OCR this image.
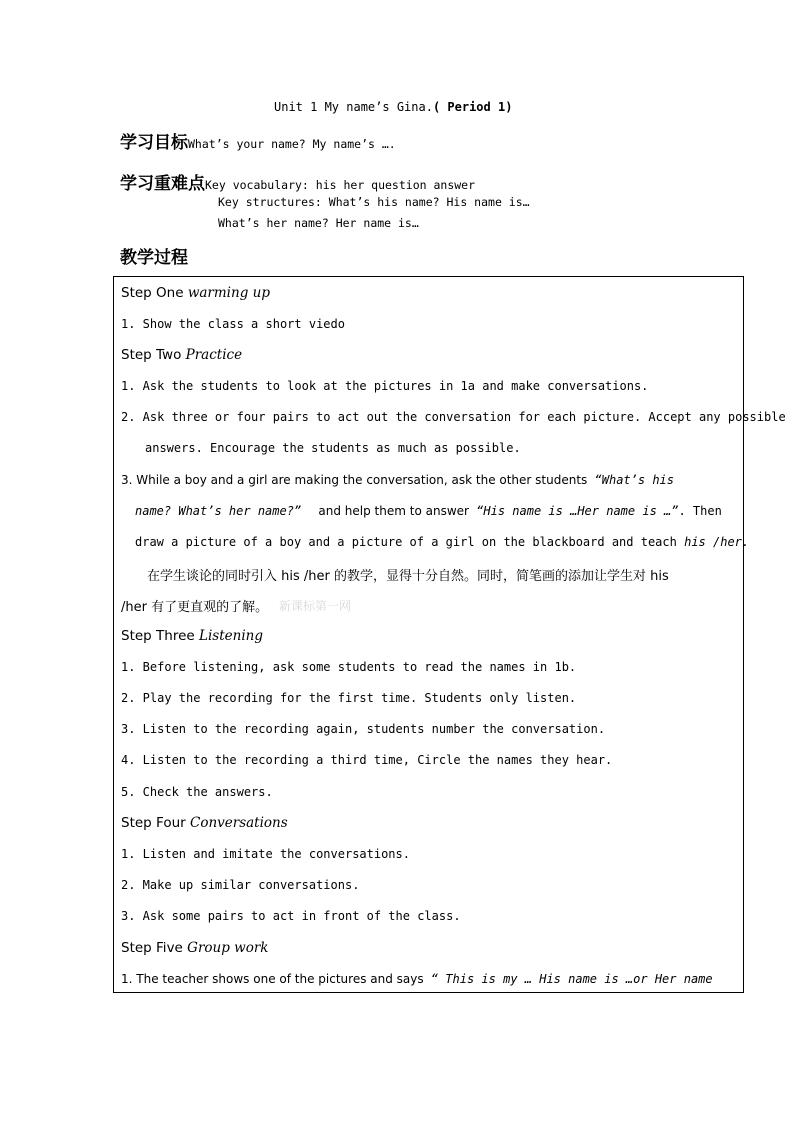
Unit 1 My name’s Gina.( Period 1)
学习目标What’s your name? My name’s ….
学习重难点Key vocabulary: his her question answer
Key structures: What’s his name? His name is…
What’s her name? Her name is…
教学过程
Step One warming up
1. Show the class a short viedo
Step Two Practice
1. Ask the students to look at the pictures in 1a and make conversations.
2. Ask three or four pairs to act out the conversation for each picture. Accept any possible
answers. Encourage the students as much as possible.
3. While a boy and a girl are making the conversation, ask the other students “What’s his
name? What’s her name?” and help them to answer “His name is …Her name is …”. Then
draw a picture of a boy and a picture of a girl on the blackboard and teach his /her.
在学生谈论的同时引入 his /her 的教学，显得十分自然。同时，简笔画的添加让学生对 his
/her 有了更直观的了解。 新课标第一网
Step Three Listening
1. Before listening, ask some students to read the names in 1b.
2. Play the recording for the first time. Students only listen.
3. Listen to the recording again, students number the conversation.
4. Listen to the recording a third time, Circle the names they hear.
5. Check the answers.
Step Four Conversations
1. Listen and imitate the conversations.
2. Make up similar conversations.
3. Ask some pairs to act in front of the class.
Step Five Group work
1. The teacher shows one of the pictures and says “ This is my … His name is …or Her name
